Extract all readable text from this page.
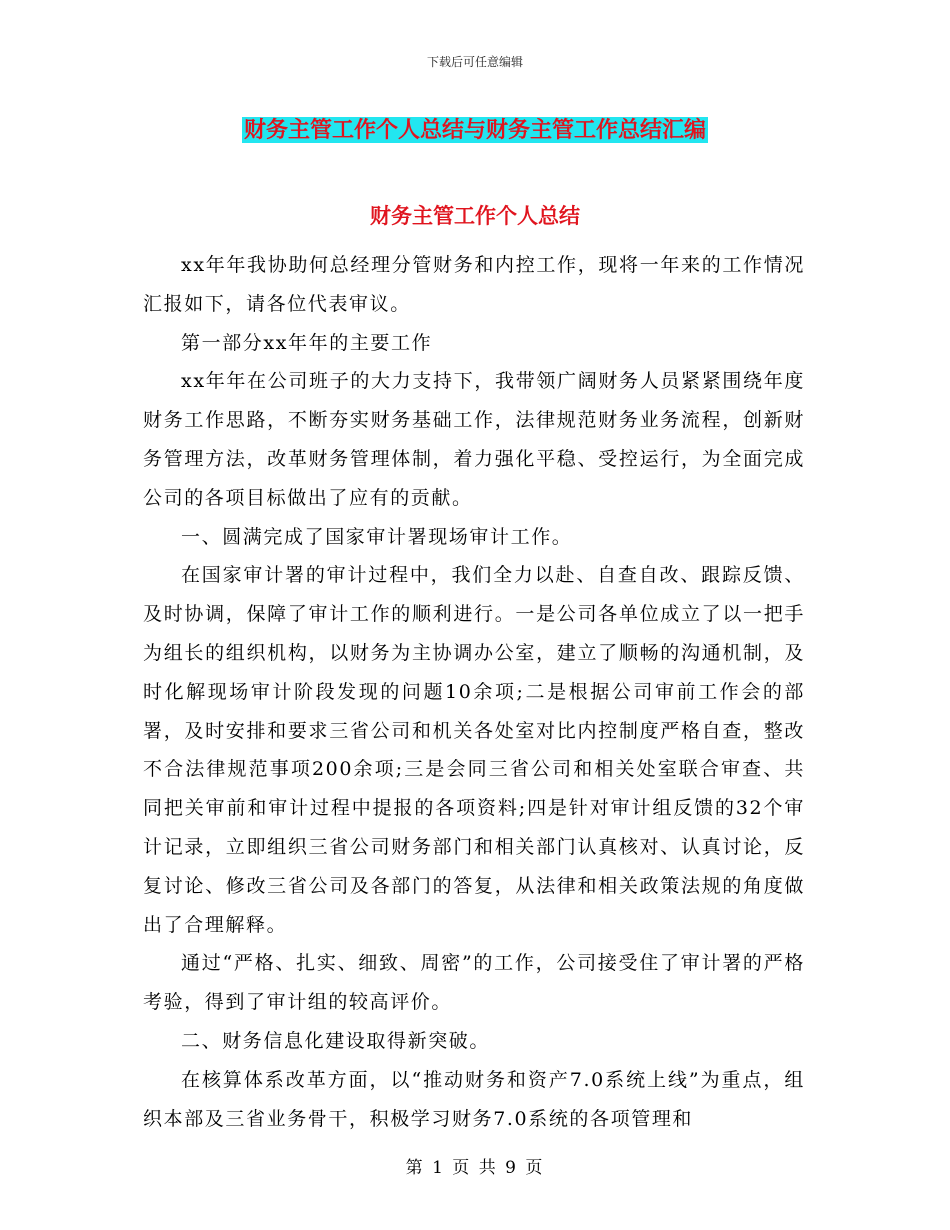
下载后可任意编辑
财务主管工作个人总结与财务主管工作总结汇编
财务主管工作个人总结

xx年年我协助何总经理分管财务和内控工作，现将一年来的工作情况汇报如下，请各位代表审议。

第一部分xx年年的主要工作

xx年年在公司班子的大力支持下，我带领广阔财务人员紧紧围绕年度财务工作思路，不断夯实财务基础工作，法律规范财务业务流程，创新财务管理方法，改革财务管理体制，着力强化平稳、受控运行，为全面完成公司的各项目标做出了应有的贡献。

一、圆满完成了国家审计署现场审计工作。

在国家审计署的审计过程中，我们全力以赴、自查自改、跟踪反馈、及时协调，保障了审计工作的顺利进行。一是公司各单位成立了以一把手为组长的组织机构，以财务为主协调办公室，建立了顺畅的沟通机制，及时化解现场审计阶段发现的问题10余项;二是根据公司审前工作会的部署，及时安排和要求三省公司和机关各处室对比内控制度严格自查，整改不合法律规范事项200余项;三是会同三省公司和相关处室联合审查、共同把关审前和审计过程中提报的各项资料;四是针对审计组反馈的32个审计记录，立即组织三省公司财务部门和相关部门认真核对、认真讨论，反复讨论、修改三省公司及各部门的答复，从法律和相关政策法规的角度做出了合理解释。

通过“严格、扎实、细致、周密”的工作，公司接受住了审计署的严格考验，得到了审计组的较高评价。

二、财务信息化建设取得新突破。

在核算体系改革方面，以“推动财务和资产7.0系统上线”为重点，组织本部及三省业务骨干，积极学习财务7.0系统的各项管理和

第 1 页 共 9 页
